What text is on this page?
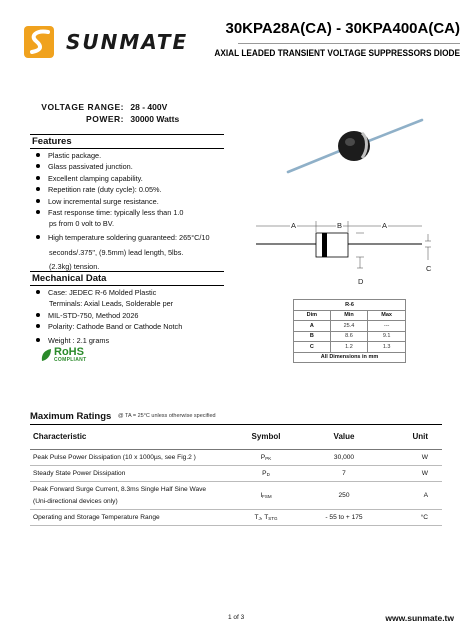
SUNMATE
30KPA28A(CA) - 30KPA400A(CA)
AXIAL LEADED TRANSIENT VOLTAGE SUPPRESSORS DIODE
VOLTAGE RANGE: 28 - 400V
POWER: 30000 Watts
Features
Plastic package.
Glass passivated junction.
Excellent clamping capability.
Repetition rate (duty cycle): 0.05%.
Low incremental surge resistance.
Fast response time: typically less than 1.0
ps from 0 volt to BV.
High temperature soldering guaranteed: 265°C/10
seconds/.375", (9.5mm) lead length, 5lbs.
(2.3kg) tension.
Mechanical Data
Case: JEDEC R-6 Molded Plastic
Terminals: Axial Leads, Solderable per
MIL-STD-750, Method 2026
Polarity: Cathode Band or Cathode Notch
Weight : 2.1 grams
RoHS
COMPLIANT
A	B	A
C
D
R-6		
Dim	Min	Max
A	25.4	---
B	8.6	9.1
C	1.2	1.3
All Dimensions in mm		
Maximum Ratings @ TA = 25°C unless otherwise specified
Characteristic	Symbol	Value	Unit
Peak Pulse Power Dissipation (10 x 1000µs, see Fig.2 )	$P_{PK}$	30,000	W
Steady State Power Dissipation	$P_D$	7	W

Peak Forward Surge Current, 8.3ms Single Half Sine Wave
(Uni-directional devices only)	$I_{FSM}$	250	A
Operating and Storage Temperature Range	$T_J$, $T_{STG}$	- 55 to + 175	°C
1 of 3	www.sunmate.tw
